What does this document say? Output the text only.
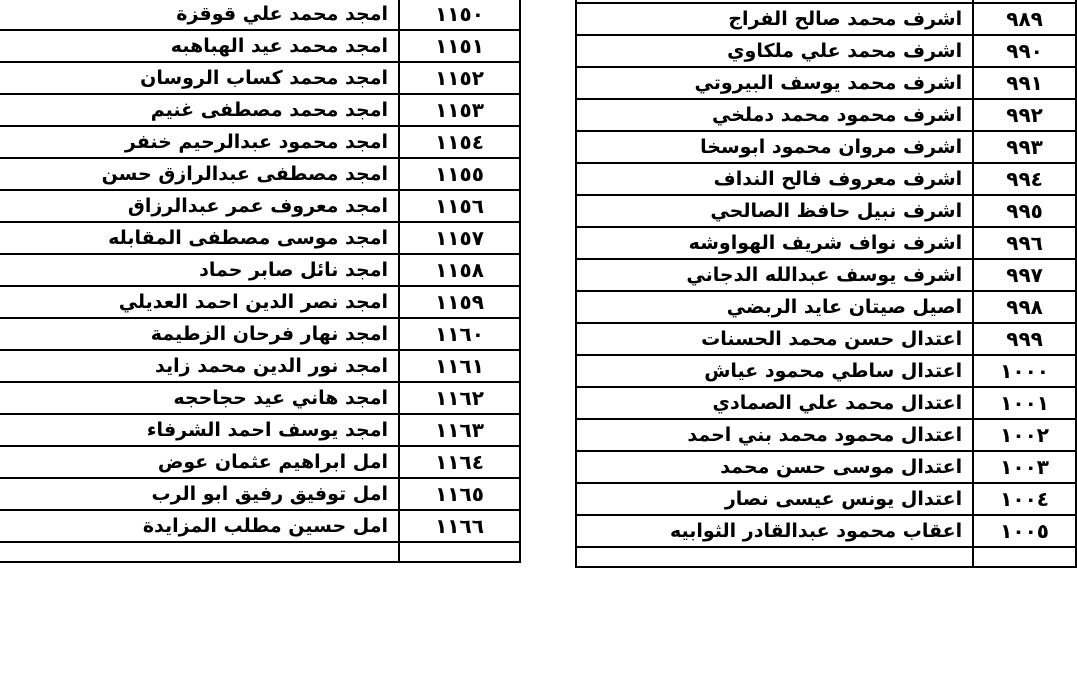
امجد محمد علي قوقزة	١١٥٠
امجد محمد عيد الهباهبه	١١٥١
امجد محمد كساب الروسان	١١٥٢
امجد محمد مصطفى غنيم	١١٥٣
امجد محمود عبدالرحيم خنفر	١١٥٤
امجد مصطفى عبدالرازق حسن	١١٥٥
امجد معروف عمر عبدالرزاق	١١٥٦
امجد موسى مصطفى المقابله	١١٥٧
امجد نائل صابر حماد	١١٥٨
امجد نصر الدين احمد العديلي	١١٥٩
امجد نهار فرحان الزطيمة	١١٦٠
امجد نور الدين محمد زايد	١١٦١
امجد هاني عيد حجاحجه	١١٦٢
امجد يوسف احمد الشرفاء	١١٦٣
امل ابراهيم عثمان عوض	١١٦٤
امل توفيق رفيق ابو الرب	١١٦٥
امل حسين مطلب المزايدة	١١٦٦

اشرف محمد صالح الفراج	٩٨٩
اشرف محمد علي ملكاوي	٩٩٠
اشرف محمد يوسف البيروتي	٩٩١
اشرف محمود محمد دملخي	٩٩٢
اشرف مروان محمود ابوسخا	٩٩٣
اشرف معروف فالح النداف	٩٩٤
اشرف نبيل حافظ الصالحي	٩٩٥
اشرف نواف شريف الهواوشه	٩٩٦
اشرف يوسف عبدالله الدجاني	٩٩٧
اصيل صيتان عايد الربضي	٩٩٨
اعتدال حسن محمد الحسنات	٩٩٩
اعتدال ساطي محمود عياش	١٠٠٠
اعتدال محمد علي الصمادي	١٠٠١
اعتدال محمود محمد بني احمد	١٠٠٢
اعتدال موسى حسن محمد	١٠٠٣
اعتدال يونس عيسى نصار	١٠٠٤
اعقاب محمود عبدالقادر الثوابيه	١٠٠٥
